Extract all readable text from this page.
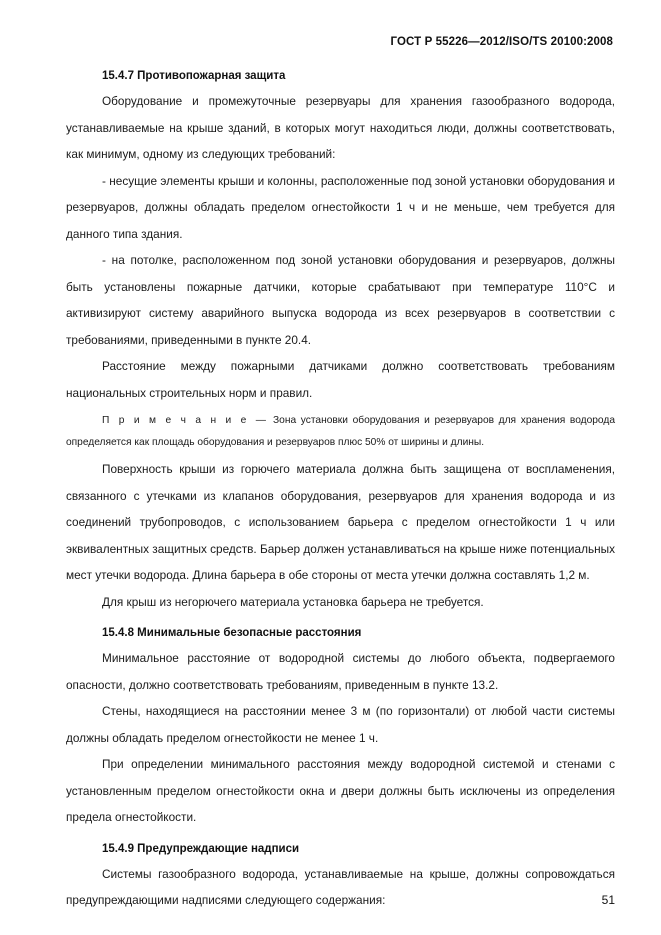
ГОСТ Р 55226—2012/ISO/TS 20100:2008
15.4.7 Противопожарная защита

Оборудование и промежуточные резервуары для хранения газообразного водорода, устанавливаемые на крыше зданий, в которых могут находиться люди, должны соответствовать, как минимум, одному из следующих требований:

- несущие элементы крыши и колонны, расположенные под зоной установки оборудования и резервуаров, должны обладать пределом огнестойкости 1 ч и не меньше, чем требуется для данного типа здания.

- на потолке, расположенном под зоной установки оборудования и резервуаров, должны быть установлены пожарные датчики, которые срабатывают при температуре 110°С и активизируют систему аварийного выпуска водорода из всех резервуаров в соответствии с требованиями, приведенными в пункте 20.4.

Расстояние между пожарными датчиками должно соответствовать требованиям национальных строительных норм и правил.

П р и м е ч а н и е — Зона установки оборудования и резервуаров для хранения водорода определяется как площадь оборудования и резервуаров плюс 50% от ширины и длины.

Поверхность крыши из горючего материала должна быть защищена от воспламенения, связанного с утечками из клапанов оборудования, резервуаров для хранения водорода и из соединений трубопроводов, с использованием барьера с пределом огнестойкости 1 ч или эквивалентных защитных средств. Барьер должен устанавливаться на крыше ниже потенциальных мест утечки водорода. Длина барьера в обе стороны от места утечки должна составлять 1,2 м.

Для крыш из негорючего материала установка барьера не требуется.

15.4.8 Минимальные безопасные расстояния

Минимальное расстояние от водородной системы до любого объекта, подвергаемого опасности, должно соответствовать требованиям, приведенным в пункте 13.2.

Стены, находящиеся на расстоянии менее 3 м (по горизонтали) от любой части системы должны обладать пределом огнестойкости не менее 1 ч.

При определении минимального расстояния между водородной системой и стенами с установленным пределом огнестойкости окна и двери должны быть исключены из определения предела огнестойкости.

15.4.9 Предупреждающие надписи

Системы газообразного водорода, устанавливаемые на крыше, должны сопровождаться предупреждающими надписями следующего содержания:	51
